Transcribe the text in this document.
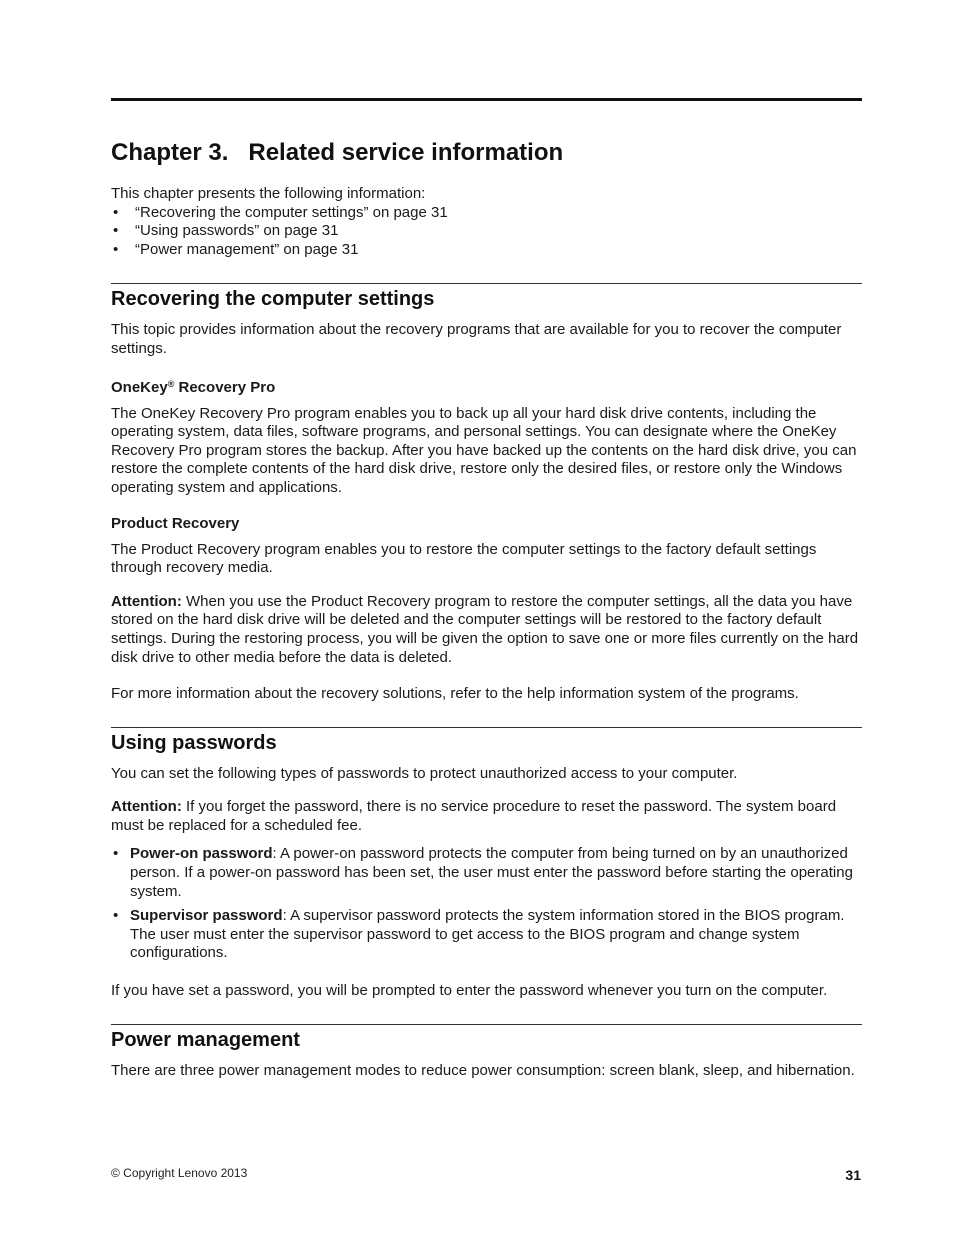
Chapter 3. Related service information

This chapter presents the following information:

• “Recovering the computer settings” on page 31
• “Using passwords” on page 31
• “Power management” on page 31
Recovering the computer settings

This topic provides information about the recovery programs that are available for you to recover the computer settings.

OneKey® Recovery Pro

The OneKey Recovery Pro program enables you to back up all your hard disk drive contents, including the operating system, data files, software programs, and personal settings. You can designate where the OneKey Recovery Pro program stores the backup. After you have backed up the contents on the hard disk drive, you can restore the complete contents of the hard disk drive, restore only the desired files, or restore only the Windows operating system and applications.

Product Recovery

The Product Recovery program enables you to restore the computer settings to the factory default settings through recovery media.

Attention: When you use the Product Recovery program to restore the computer settings, all the data you have stored on the hard disk drive will be deleted and the computer settings will be restored to the factory default settings. During the restoring process, you will be given the option to save one or more files currently on the hard disk drive to other media before the data is deleted.

For more information about the recovery solutions, refer to the help information system of the programs.

Using passwords

You can set the following types of passwords to protect unauthorized access to your computer.

Attention: If you forget the password, there is no service procedure to reset the password. The system board must be replaced for a scheduled fee.

• Power-on password: A power-on password protects the computer from being turned on by an unauthorized person. If a power-on password has been set, the user must enter the password before starting the operating system.
• Supervisor password: A supervisor password protects the system information stored in the BIOS program. The user must enter the supervisor password to get access to the BIOS program and change system configurations.

If you have set a password, you will be prompted to enter the password whenever you turn on the computer.

Power management

There are three power management modes to reduce power consumption: screen blank, sleep, and hibernation.

© Copyright Lenovo 2013	31
